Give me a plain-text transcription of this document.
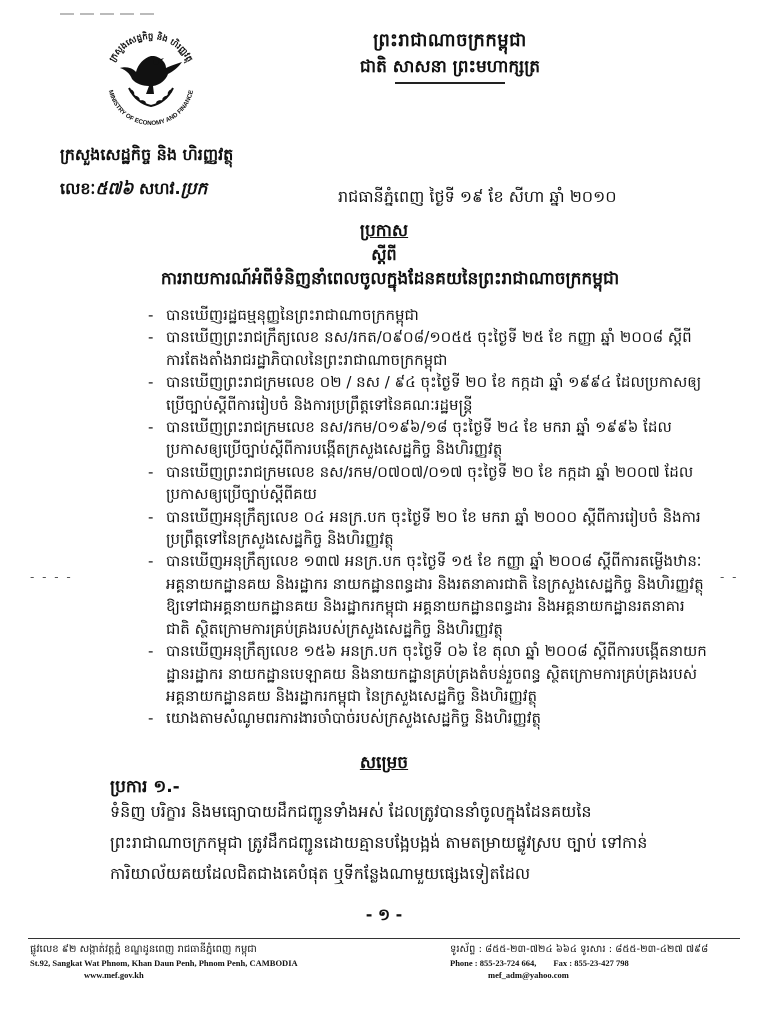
ក្រសួងសេដ្ឋកិច្ច និង ហិរញ្ញវត្ថុ
MINISTRY OF ECONOMY AND FINANCE
ព្រះរាជាណាចក្រកម្ពុជា
ជាតិ សាសនា ព្រះមហាក្សត្រ
ក្រសួងសេដ្ឋកិច្ច និង ហិរញ្ញវត្ថុ
លេខៈ៥៧៦ សហវ.ប្រក	រាជធានីភ្នំពេញ ថ្ងៃទី ១៩ ខែ សីហា ឆ្នាំ ២០១០
ប្រកាស
ស្តីពី
ការរាយការណ៍អំពីទំនិញនាំពេលចូលក្នុងដែនគយនៃព្រះរាជាណាចក្រកម្ពុជា
- បានឃើញរដ្ឋធម្មនុញ្ញនៃព្រះរាជាណាចក្រកម្ពុជា
- បានឃើញព្រះរាជក្រឹត្យលេខ នស/រកត/០៩០៨/១០៥៥ ចុះថ្ងៃទី ២៥ ខែ កញ្ញា ឆ្នាំ ២០០៨ ស្តីពីការតែងតាំងរាជរដ្ឋាភិបាលនៃព្រះរាជាណាចក្រកម្ពុជា
- បានឃើញព្រះរាជក្រមលេខ ០២ / នស / ៩៤ ចុះថ្ងៃទី ២០ ខែ កក្កដា ឆ្នាំ ១៩៩៤ ដែលប្រកាសឲ្យប្រើច្បាប់ស្តីពីការរៀបចំ និងការប្រព្រឹត្តទៅនៃគណៈរដ្ឋមន្ត្រី
- បានឃើញព្រះរាជក្រមលេខ នស/រកម/០១៩៦/១៨ ចុះថ្ងៃទី ២៤ ខែ មករា ឆ្នាំ ១៩៩៦ ដែលប្រកាសឲ្យប្រើច្បាប់ស្តីពីការបង្កើតក្រសួងសេដ្ឋកិច្ច និងហិរញ្ញវត្ថុ
- បានឃើញព្រះរាជក្រមលេខ នស/រកម/០៧០៧/០១៧ ចុះថ្ងៃទី ២០ ខែ កក្កដា ឆ្នាំ ២០០៧ ដែលប្រកាសឲ្យប្រើច្បាប់ស្តីពីគយ
- បានឃើញអនុក្រឹត្យលេខ ០៤ អនក្រ.បក ចុះថ្ងៃទី ២០ ខែ មករា ឆ្នាំ ២០០០ ស្តីពីការរៀបចំ និងការប្រព្រឹត្តទៅនៃក្រសួងសេដ្ឋកិច្ច និងហិរញ្ញវត្ថុ
- បានឃើញអនុក្រឹត្យលេខ ១៣៧ អនក្រ.បក ចុះថ្ងៃទី ១៥ ខែ កញ្ញា ឆ្នាំ ២០០៨ ស្តីពីការតម្លើងឋានៈអគ្គនាយកដ្ឋានគយ និងរដ្ឋាករ នាយកដ្ឋានពន្ធដារ និងរតនាគារជាតិ នៃក្រសួងសេដ្ឋកិច្ច និងហិរញ្ញវត្ថុឱ្យទៅជាអគ្គនាយកដ្ឋានគយ និងរដ្ឋាករកម្ពុជា អគ្គនាយកដ្ឋានពន្ធដារ និងអគ្គនាយកដ្ឋានរតនាគារជាតិ ស្ថិតក្រោមការគ្រប់គ្រងរបស់ក្រសួងសេដ្ឋកិច្ច និងហិរញ្ញវត្ថុ
- បានឃើញអនុក្រឹត្យលេខ ១៥៦ អនក្រ.បក ចុះថ្ងៃទី ០៦ ខែ តុលា ឆ្នាំ ២០០៨ ស្តីពីការបង្កើតនាយកដ្ឋានរដ្ឋាករ នាយកដ្ឋានបេឡាគយ និងនាយកដ្ឋានគ្រប់គ្រងតំបន់រួចពន្ធ ស្ថិតក្រោមការគ្រប់គ្រងរបស់អគ្គនាយកដ្ឋានគយ និងរដ្ឋាករកម្ពុជា នៃក្រសួងសេដ្ឋកិច្ច និងហិរញ្ញវត្ថុ
- យោងតាមសំណូមពរការងារចាំបាច់របស់ក្រសួងសេដ្ឋកិច្ច និងហិរញ្ញវត្ថុ
- - - -	- -
សម្រេច
ប្រការ ១.-
ទំនិញ បរិក្ខារ និងមធ្យោបាយដឹកជញ្ជូនទាំងអស់ ដែលត្រូវបាននាំចូលក្នុងដែនគយនៃព្រះរាជាណាចក្រកម្ពុជា ត្រូវដឹកជញ្ជូនដោយគ្មានបង្អែបង្អង់ តាមតម្រាយផ្លូវស្រប ច្បាប់ ទៅកាន់ការិយាល័យគយដែលជិតជាងគេបំផុត ឬទីកន្លែងណាមួយផ្សេងទៀតដែល
- ១ -
ផ្លូវលេខ ៩២ សង្កាត់វត្តភ្នំ ខណ្ឌដូនពេញ រាជធានីភ្នំពេញ កម្ពុជា
St.92, Sangkat Wat Phnom, Khan Daun Penh, Phnom Penh, CAMBODIA
www.mef.gov.kh
ទូរស័ព្ទ : ៨៥៥-២៣-៧២៤ ៦៦៤ ទូរសារ : ៨៥៥-២៣-៤២៧ ៧៩៨
Phone : 855-23-724 664, Fax : 855-23-427 798
mef_adm@yahoo.com
